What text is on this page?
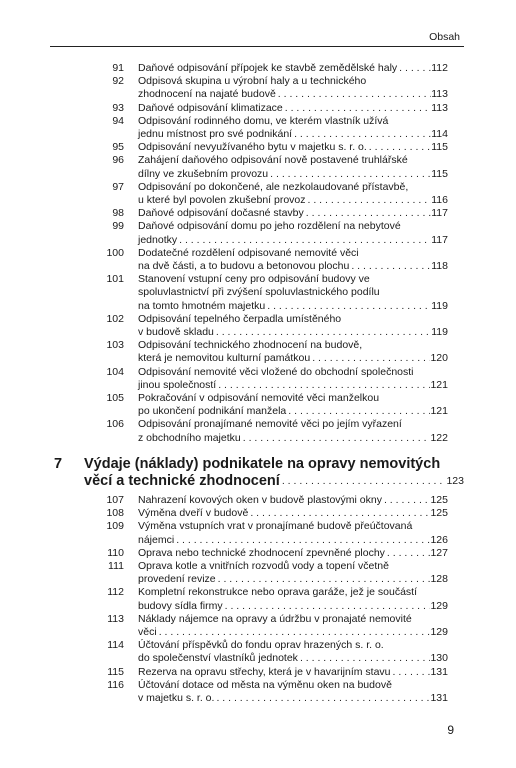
Obsah
91	Daňové odpisování přípojek ke stavbě zemědělské haly . . .	112
92	Odpisová skupina u výrobní haly a u technického
zhodnocení na najaté budově . . .	113
93	Daňové odpisování klimatizace . . .	113
94	Odpisování rodinného domu, ve kterém vlastník užívá
jednu místnost pro své podnikání . . .	114
95	Odpisování nevyužívaného bytu v majetku s. r. o. . . .	115
96	Zahájení daňového odpisování nově postavené truhlářské
dílny ve zkušebním provozu . . .	115
97	Odpisování po dokončené, ale nezkolaudované přístavbě,
u které byl povolen zkušební provoz . . .	116
98	Daňové odpisování dočasné stavby . . .	117
99	Daňové odpisování domu po jeho rozdělení na nebytové
jednotky . . .	117
100	Dodatečné rozdělení odpisované nemovité věci
na dvě části, a to budovu a betonovou plochu . . .	118
101	Stanovení vstupní ceny pro odpisování budovy ve
spoluvlastnictví při zvýšení spoluvlastnického podílu
na tomto hmotném majetku . . .	119
102	Odpisování tepelného čerpadla umístěného
v budově skladu . . .	119
103	Odpisování technického zhodnocení na budově,
která je nemovitou kulturní památkou . . .	120
104	Odpisování nemovité věci vložené do obchodní společnosti
jinou společností . . .	121
105	Pokračování v odpisování nemovité věci manželkou
po ukončení podnikání manžela . . .	121
106	Odpisování pronajímané nemovité věci po jejím vyřazení
z obchodního majetku . . .	122
7 Výdaje (náklady) podnikatele na opravy nemovitých
věcí a technické zhodnocení . . .	123
107	Nahrazení kovových oken v budově plastovými okny . . .	125
108	Výměna dveří v budově . . .	125
109	Výměna vstupních vrat v pronajímané budově přeúčtovaná
nájemci . . .	126
110	Oprava nebo technické zhodnocení zpevněné plochy . . .	127
111	Oprava kotle a vnitřních rozvodů vody a topení včetně
provedení revize . . .	128
112	Kompletní rekonstrukce nebo oprava garáže, jež je součástí
budovy sídla firmy . . .	129
113	Náklady nájemce na opravy a údržbu v pronajaté nemovité
věci . . .	129
114	Účtování příspěvků do fondu oprav hrazených s. r. o.
do společenství vlastníků jednotek . . .	130
115	Rezerva na opravu střechy, která je v havarijním stavu . . .	131
116	Účtování dotace od města na výměnu oken na budově
v majetku s. r. o. . . .	131
9
